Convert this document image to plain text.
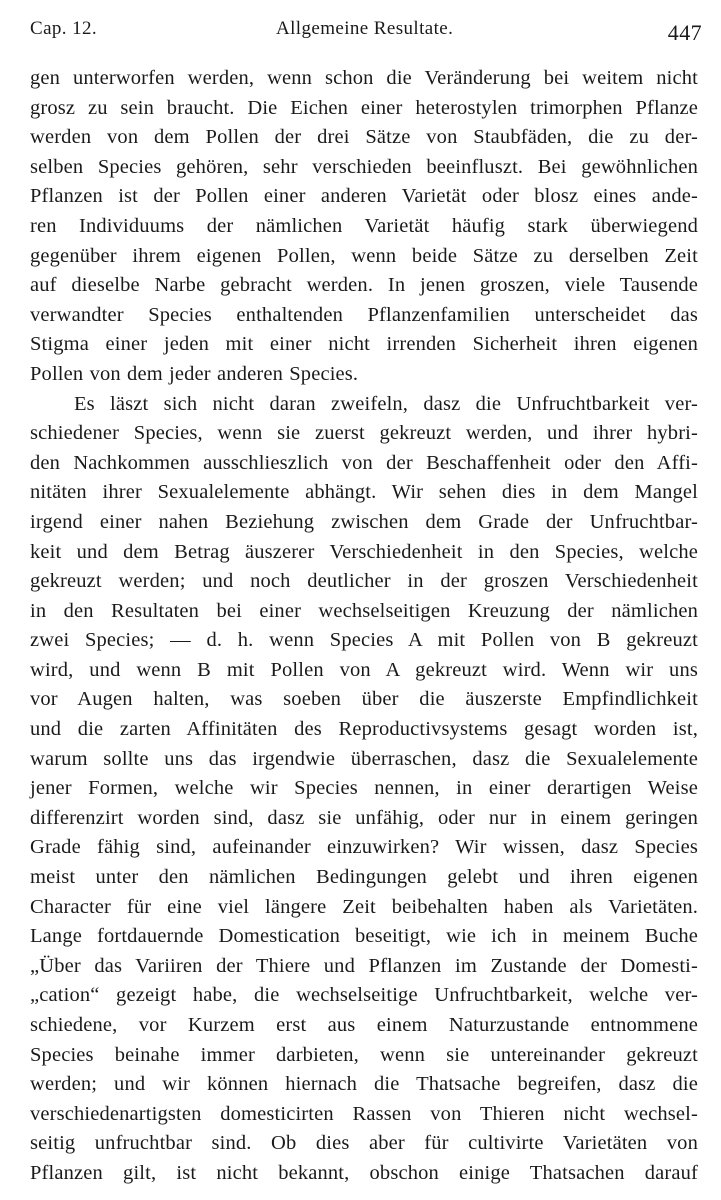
Cap. 12.	Allgemeine Resultate.	447
gen unterworfen werden, wenn schon die Veränderung bei weitem nicht
grosz zu sein braucht. Die Eichen einer heterostylen trimorphen Pflanze
werden von dem Pollen der drei Sätze von Staubfäden, die zu der-
selben Species gehören, sehr verschieden beeinfluszt. Bei gewöhnlichen
Pflanzen ist der Pollen einer anderen Varietät oder blosz eines ande-
ren Individuums der nämlichen Varietät häufig stark überwiegend
gegenüber ihrem eigenen Pollen, wenn beide Sätze zu derselben Zeit
auf dieselbe Narbe gebracht werden. In jenen groszen, viele Tausende
verwandter Species enthaltenden Pflanzenfamilien unterscheidet das
Stigma einer jeden mit einer nicht irrenden Sicherheit ihren eigenen
Pollen von dem jeder anderen Species.
Es läszt sich nicht daran zweifeln, dasz die Unfruchtbarkeit ver-
schiedener Species, wenn sie zuerst gekreuzt werden, und ihrer hybri-
den Nachkommen ausschlieszlich von der Beschaffenheit oder den Affi-
nitäten ihrer Sexualelemente abhängt. Wir sehen dies in dem Mangel
irgend einer nahen Beziehung zwischen dem Grade der Unfruchtbar-
keit und dem Betrag äuszerer Verschiedenheit in den Species, welche
gekreuzt werden; und noch deutlicher in der groszen Verschiedenheit
in den Resultaten bei einer wechselseitigen Kreuzung der nämlichen
zwei Species; — d. h. wenn Species A mit Pollen von B gekreuzt
wird, und wenn B mit Pollen von A gekreuzt wird. Wenn wir uns
vor Augen halten, was soeben über die äuszerste Empfindlichkeit
und die zarten Affinitäten des Reproductivsystems gesagt worden ist,
warum sollte uns das irgendwie überraschen, dasz die Sexualelemente
jener Formen, welche wir Species nennen, in einer derartigen Weise
differenzirt worden sind, dasz sie unfähig, oder nur in einem geringen
Grade fähig sind, aufeinander einzuwirken? Wir wissen, dasz Species
meist unter den nämlichen Bedingungen gelebt und ihren eigenen
Character für eine viel längere Zeit beibehalten haben als Varietäten.
Lange fortdauernde Domestication beseitigt, wie ich in meinem Buche
„Über das Variiren der Thiere und Pflanzen im Zustande der Domesti-
„cation“ gezeigt habe, die wechselseitige Unfruchtbarkeit, welche ver-
schiedene, vor Kurzem erst aus einem Naturzustande entnommene
Species beinahe immer darbieten, wenn sie untereinander gekreuzt
werden; und wir können hiernach die Thatsache begreifen, dasz die
verschiedenartigsten domesticirten Rassen von Thieren nicht wechsel-
seitig unfruchtbar sind. Ob dies aber für cultivirte Varietäten von
Pflanzen gilt, ist nicht bekannt, obschon einige Thatsachen darauf
